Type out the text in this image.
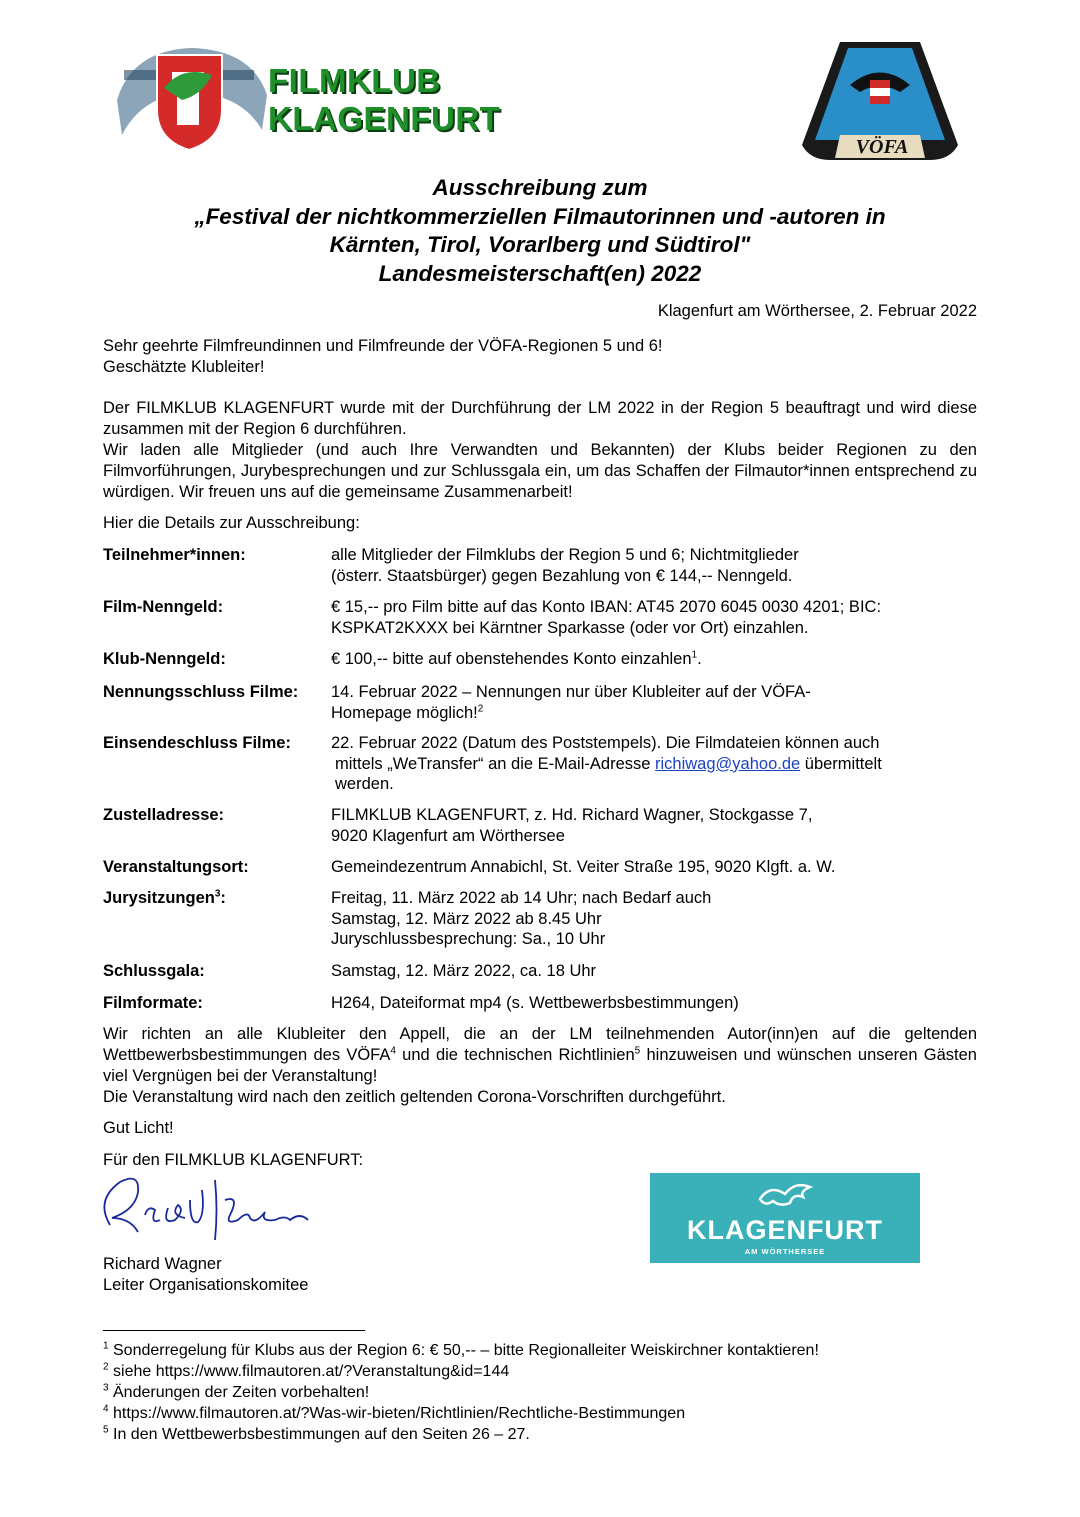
FILMKLUB
KLAGENFURT
VÖFA
Ausschreibung zum
„Festival der nichtkommerziellen Filmautorinnen und -autoren in
Kärnten, Tirol, Vorarlberg und Südtirol"
Landesmeisterschaft(en) 2022
Klagenfurt am Wörthersee, 2. Februar 2022
Sehr geehrte Filmfreundinnen und Filmfreunde der VÖFA-Regionen 5 und 6!
Geschätzte Klubleiter!
Der FILMKLUB KLAGENFURT wurde mit der Durchführung der LM 2022 in der Region 5 beauftragt und wird diese zusammen mit der Region 6 durchführen.
Wir laden alle Mitglieder (und auch Ihre Verwandten und Bekannten) der Klubs beider Regionen zu den Filmvorführungen, Jurybesprechungen und zur Schlussgala ein, um das Schaffen der Filmautor*innen entsprechend zu würdigen. Wir freuen uns auf die gemeinsame Zusammenarbeit!
Hier die Details zur Ausschreibung:
Teilnehmer*innen:	alle Mitglieder der Filmklubs der Region 5 und 6; Nichtmitglieder
(österr. Staatsbürger) gegen Bezahlung von € 144,-- Nenngeld.
Film-Nenngeld:	€ 15,-- pro Film bitte auf das Konto IBAN: AT45 2070 6045 0030 4201; BIC:
KSPKAT2KXXX bei Kärntner Sparkasse (oder vor Ort) einzahlen.
Klub-Nenngeld:	€ 100,-- bitte auf obenstehendes Konto einzahlen$^1$.
Nennungsschluss Filme: 14. Februar 2022 – Nennungen nur über Klubleiter auf der VÖFA-
Homepage möglich!$^2$
Einsendeschluss Filme: 22. Februar 2022 (Datum des Poststempels). Die Filmdateien können auch
mittels „WeTransfer“ an die E-Mail-Adresse richiwag@yahoo.de übermittelt
werden.
Zustelladresse:	FILMKLUB KLAGENFURT, z. Hd. Richard Wagner, Stockgasse 7,
9020 Klagenfurt am Wörthersee
Veranstaltungsort:	Gemeindezentrum Annabichl, St. Veiter Straße 195, 9020 Klgft. a. W.
Jurysitzungen$^3$:	Freitag, 11. März 2022 ab 14 Uhr; nach Bedarf auch
Samstag, 12. März 2022 ab 8.45 Uhr
Juryschlussbesprechung: Sa., 10 Uhr
Schlussgala:	Samstag, 12. März 2022, ca. 18 Uhr
Filmformate:	H264, Dateiformat mp4 (s. Wettbewerbsbestimmungen)
Wir richten an alle Klubleiter den Appell, die an der LM teilnehmenden Autor(inn)en auf die geltenden Wettbewerbsbestimmungen des VÖFA$^4$ und die technischen Richtlinien$^5$ hinzuweisen und wünschen unseren Gästen viel Vergnügen bei der Veranstaltung!
Die Veranstaltung wird nach den zeitlich geltenden Corona-Vorschriften durchgeführt.
Gut Licht!
Für den FILMKLUB KLAGENFURT:
Richard Wagner
Leiter Organisationskomitee
KLAGENFURT
AM WÖRTHERSEE
$^1$ Sonderregelung für Klubs aus der Region 6: € 50,-- – bitte Regionalleiter Weiskirchner kontaktieren!
$^2$ siehe https://www.filmautoren.at/?Veranstaltung&id=144
$^3$ Änderungen der Zeiten vorbehalten!
$^4$ https://www.filmautoren.at/?Was-wir-bieten/Richtlinien/Rechtliche-Bestimmungen
$^5$ In den Wettbewerbsbestimmungen auf den Seiten 26 – 27.
